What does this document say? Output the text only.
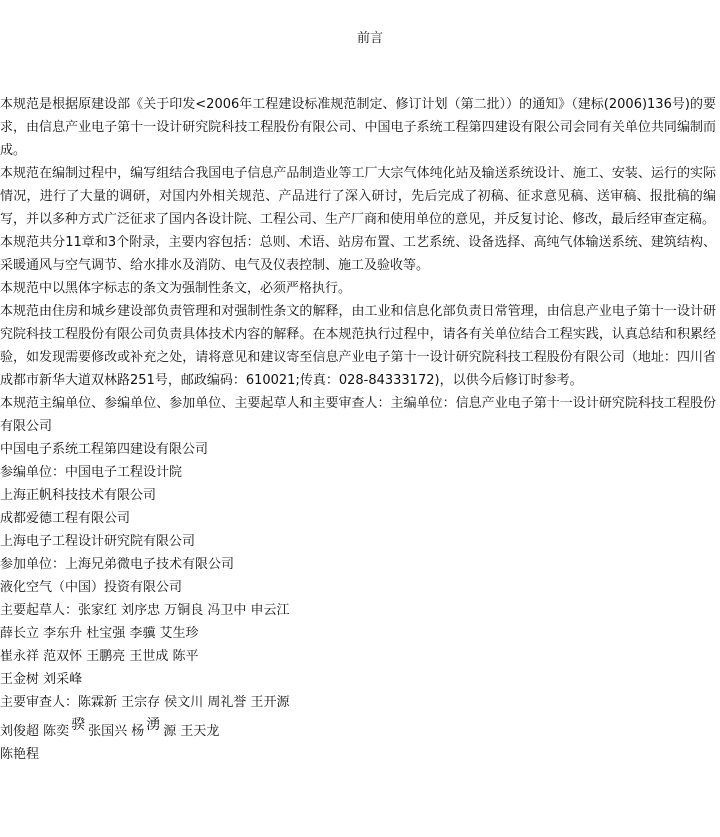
前言

本规范是根据原建设部《关于印发<2006年工程建设标准规范制定、修订计划（第二批））的通知》（建标(2006)136号)的要求，由信息产业电子第十一设计研究院科技工程股份有限公司、中国电子系统工程第四建设有限公司会同有关单位共同编制而成。

本规范在编制过程中，编写组结合我国电子信息产品制造业等工厂大宗气体纯化站及输送系统设计、施工、安装、运行的实际情况，进行了大量的调研，对国内外相关规范、产品进行了深入研讨，先后完成了初稿、征求意见稿、送审稿、报批稿的编写，并以多种方式广泛征求了国内各设计院、工程公司、生产厂商和使用单位的意见，并反复讨论、修改，最后经审查定稿。

本规范共分11章和3个附录，主要内容包括：总则、术语、站房布置、工艺系统、设备选择、高纯气体输送系统、建筑结构、采暖通风与空气调节、给水排水及消防、电气及仪表控制、施工及验收等。

本规范中以黑体字标志的条文为强制性条文，必须严格执行。

本规范由住房和城乡建设部负责管理和对强制性条文的解释，由工业和信息化部负责日常管理，由信息产业电子第十一设计研究院科技工程股份有限公司负责具体技术内容的解释。在本规范执行过程中，请各有关单位结合工程实践，认真总结和积累经验，如发现需要修改或补充之处，请将意见和建议寄至信息产业电子第十一设计研究院科技工程股份有限公司（地址：四川省成都市新华大道双林路251号，邮政编码：610021;传真：028-84333172)，以供今后修订时参考。

本规范主编单位、参编单位、参加单位、主要起草人和主要审查人：主编单位：信息产业电子第十一设计研究院科技工程股份有限公司

中国电子系统工程第四建设有限公司

参编单位：中国电子工程设计院

上海正帆科技技术有限公司

成都爱德工程有限公司

上海电子工程设计研究院有限公司

参加单位：上海兄弟微电子技术有限公司

液化空气（中国）投资有限公司

主要起草人：张家红 刘序忠 万铜良 冯卫中 申云江

薛长立 李东升 杜宝强 李骥 艾生珍

崔永祥 范双怀 王鹏亮 王世成 陈平

王金树 刘采峰

主要审查人：陈霖新 王宗存 侯文川 周礼誉 王开源

刘俊超 陈奕 骙 张国兴 杨 湧 源 王天龙

陈艳程
